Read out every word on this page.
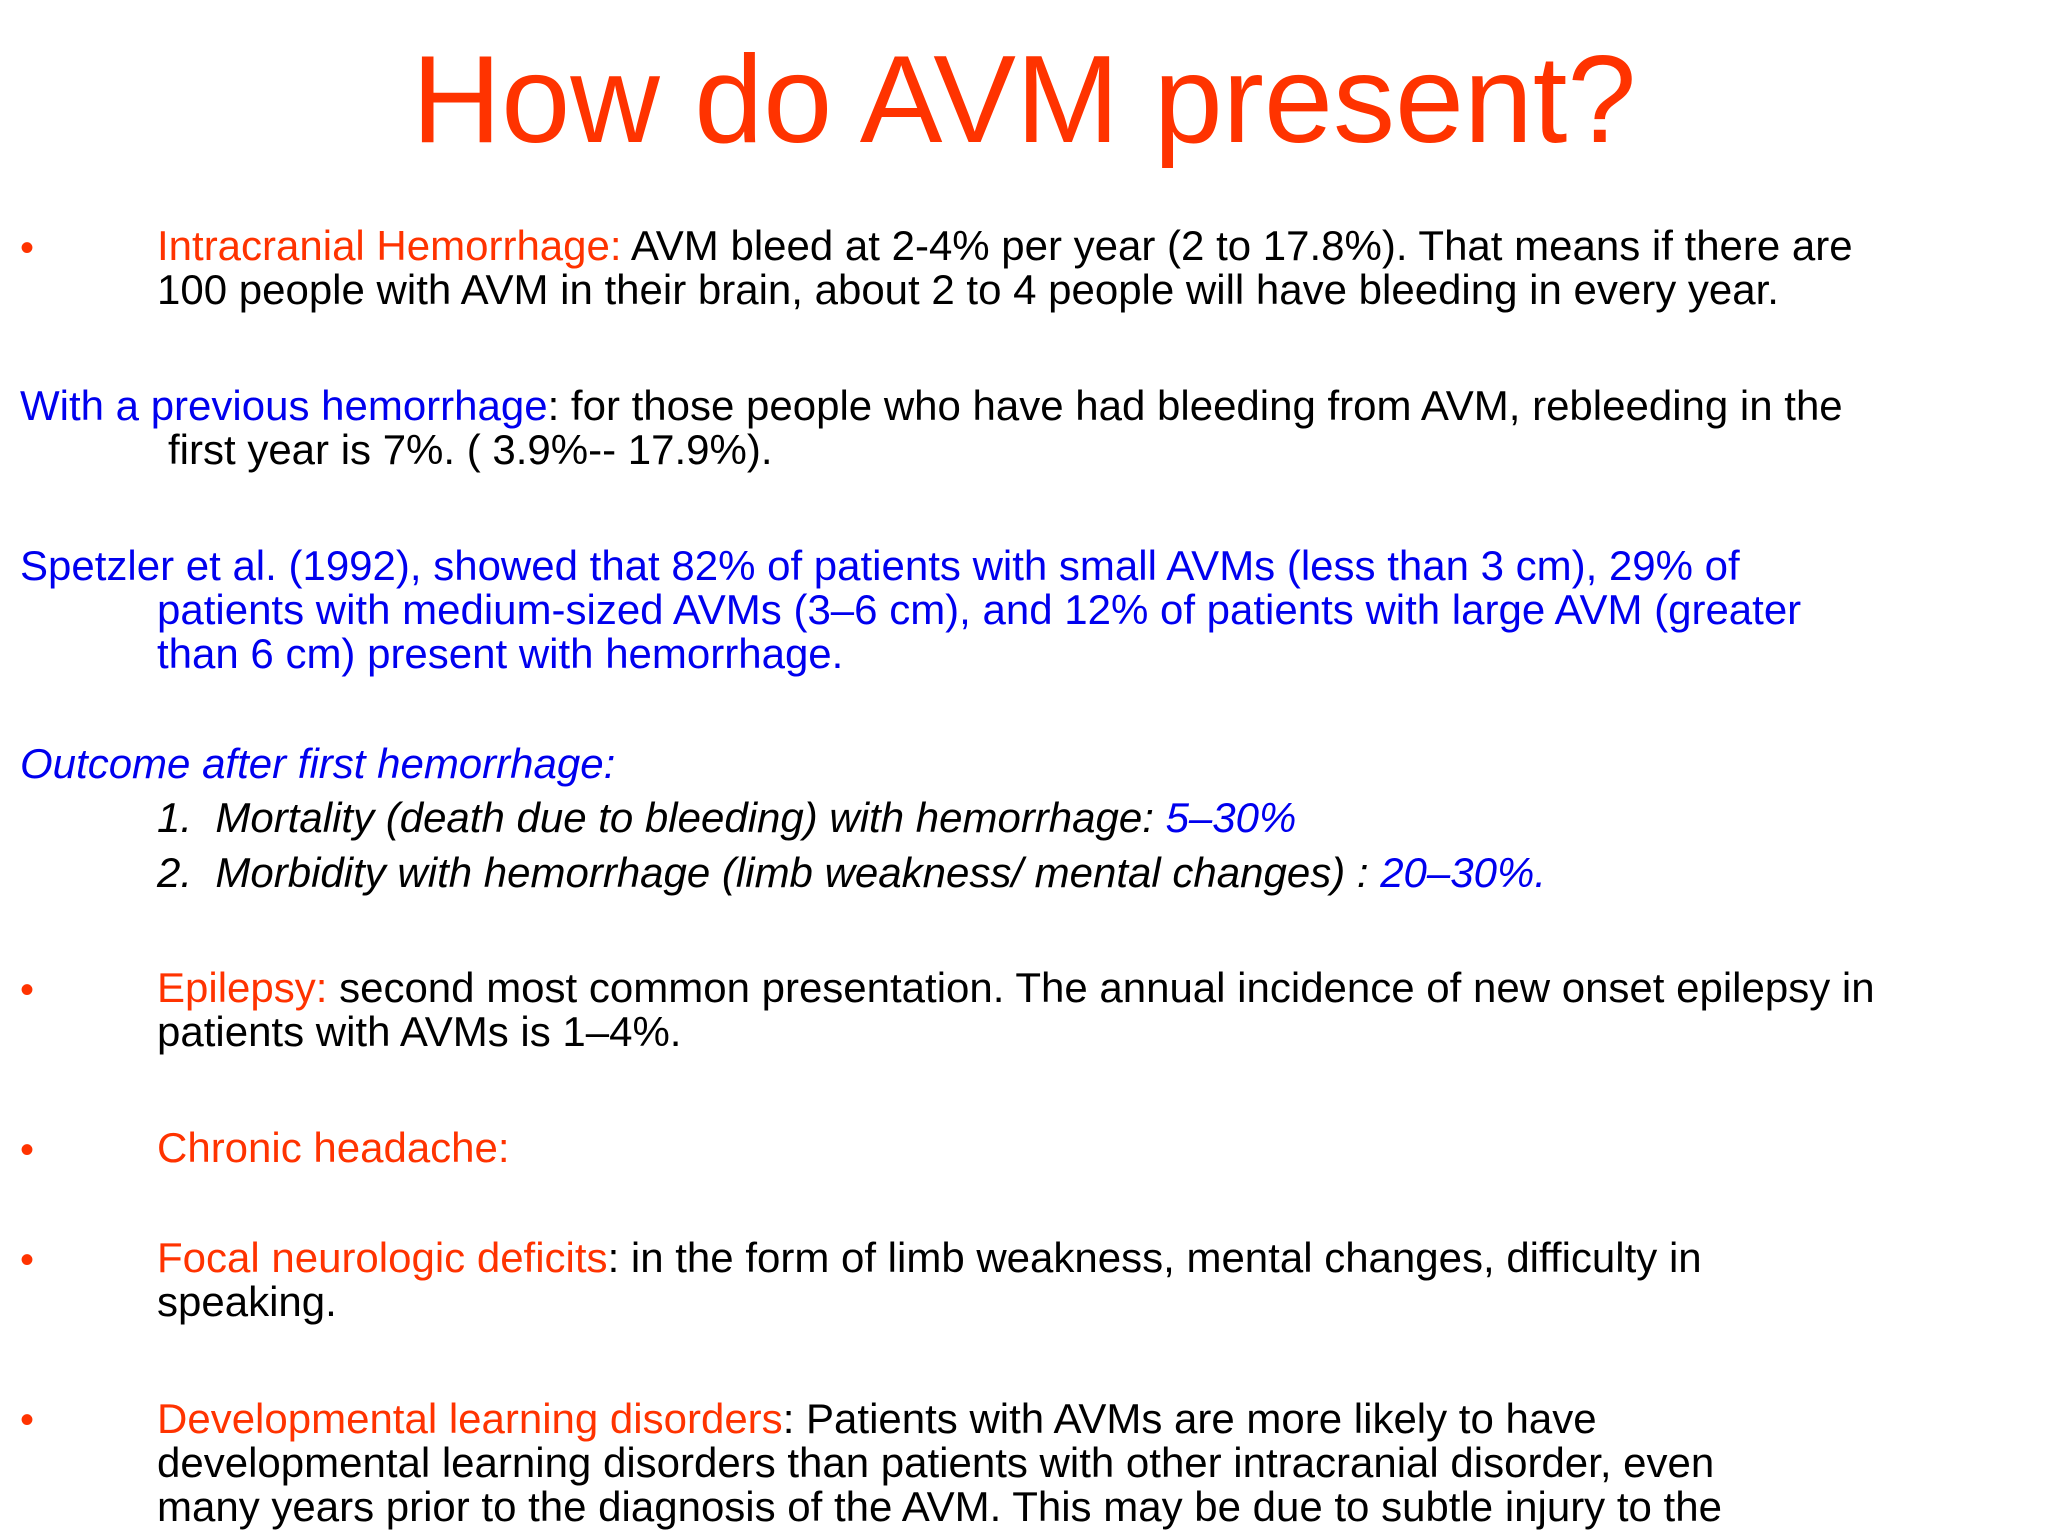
How do AVM present?
•	Intracranial Hemorrhage: AVM bleed at 2-4% per year (2 to 17.8%). That means if there are
100 people with AVM in their brain, about 2 to 4 people will have bleeding in every year.
With a previous hemorrhage: for those people who have had bleeding from AVM, rebleeding in the
first year is 7%. ( 3.9%-- 17.9%).
Spetzler et al. (1992), showed that 82% of patients with small AVMs (less than 3 cm), 29% of
patients with medium-sized AVMs (3–6 cm), and 12% of patients with large AVM (greater
than 6 cm) present with hemorrhage.
Outcome after first hemorrhage:
1. Mortality (death due to bleeding) with hemorrhage: 5–30%
2. Morbidity with hemorrhage (limb weakness/ mental changes) : 20–30%.
•	Epilepsy: second most common presentation. The annual incidence of new onset epilepsy in
patients with AVMs is 1–4%.
•	Chronic headache:
•	Focal neurologic deficits: in the form of limb weakness, mental changes, difficulty in
speaking.
•	Developmental learning disorders: Patients with AVMs are more likely to have
developmental learning disorders than patients with other intracranial disorder, even
many years prior to the diagnosis of the AVM. This may be due to subtle injury to the
